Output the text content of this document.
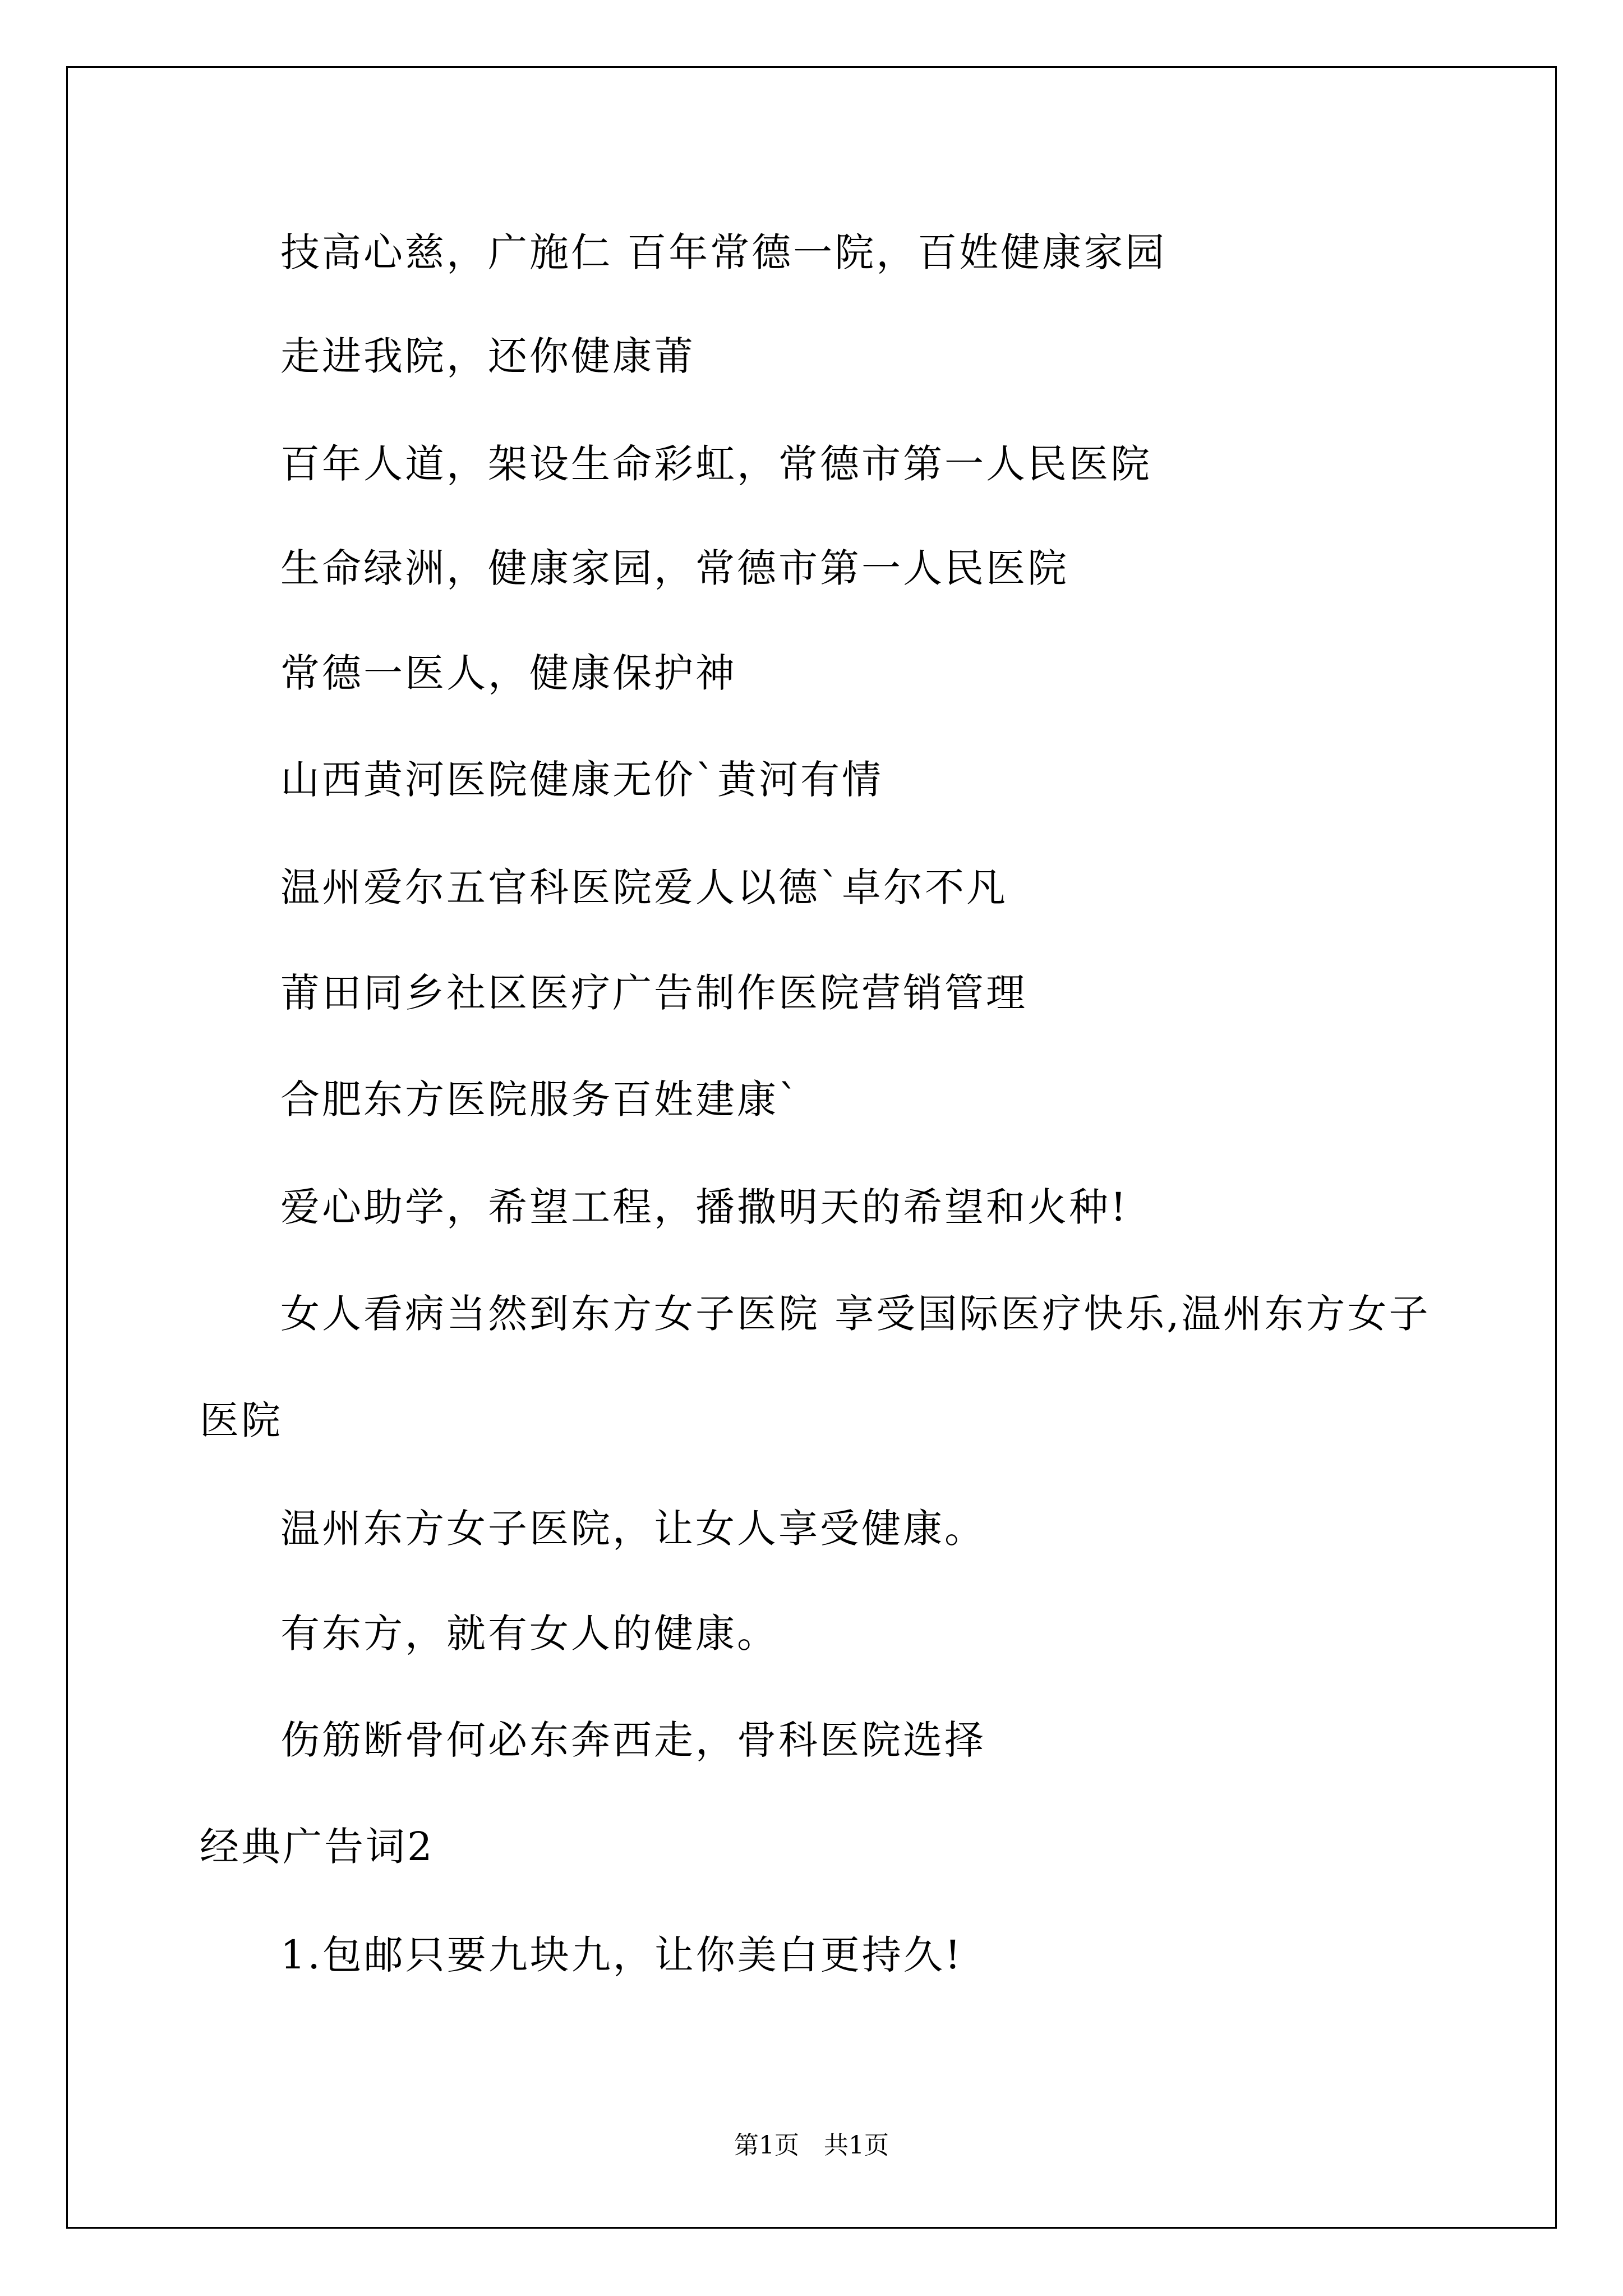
技高心慈，广施仁 百年常德一院，百姓健康家园
走进我院，还你健康莆
百年人道，架设生命彩虹，常德市第一人民医院
生命绿洲，健康家园，常德市第一人民医院
常德一医人，健康保护神
山西黄河医院健康无价`黄河有情
温州爱尔五官科医院爱人以德`卓尔不凡
莆田同乡社区医疗广告制作医院营销管理
合肥东方医院服务百姓建康`
爱心助学，希望工程，播撒明天的希望和火种!
女人看病当然到东方女子医院 享受国际医疗快乐,温州东方女子
医院
温州东方女子医院，让女人享受健康。
有东方，就有女人的健康。
伤筋断骨何必东奔西走，骨科医院选择
经典广告词2
1.包邮只要九块九，让你美白更持久!
第1页　共1页
